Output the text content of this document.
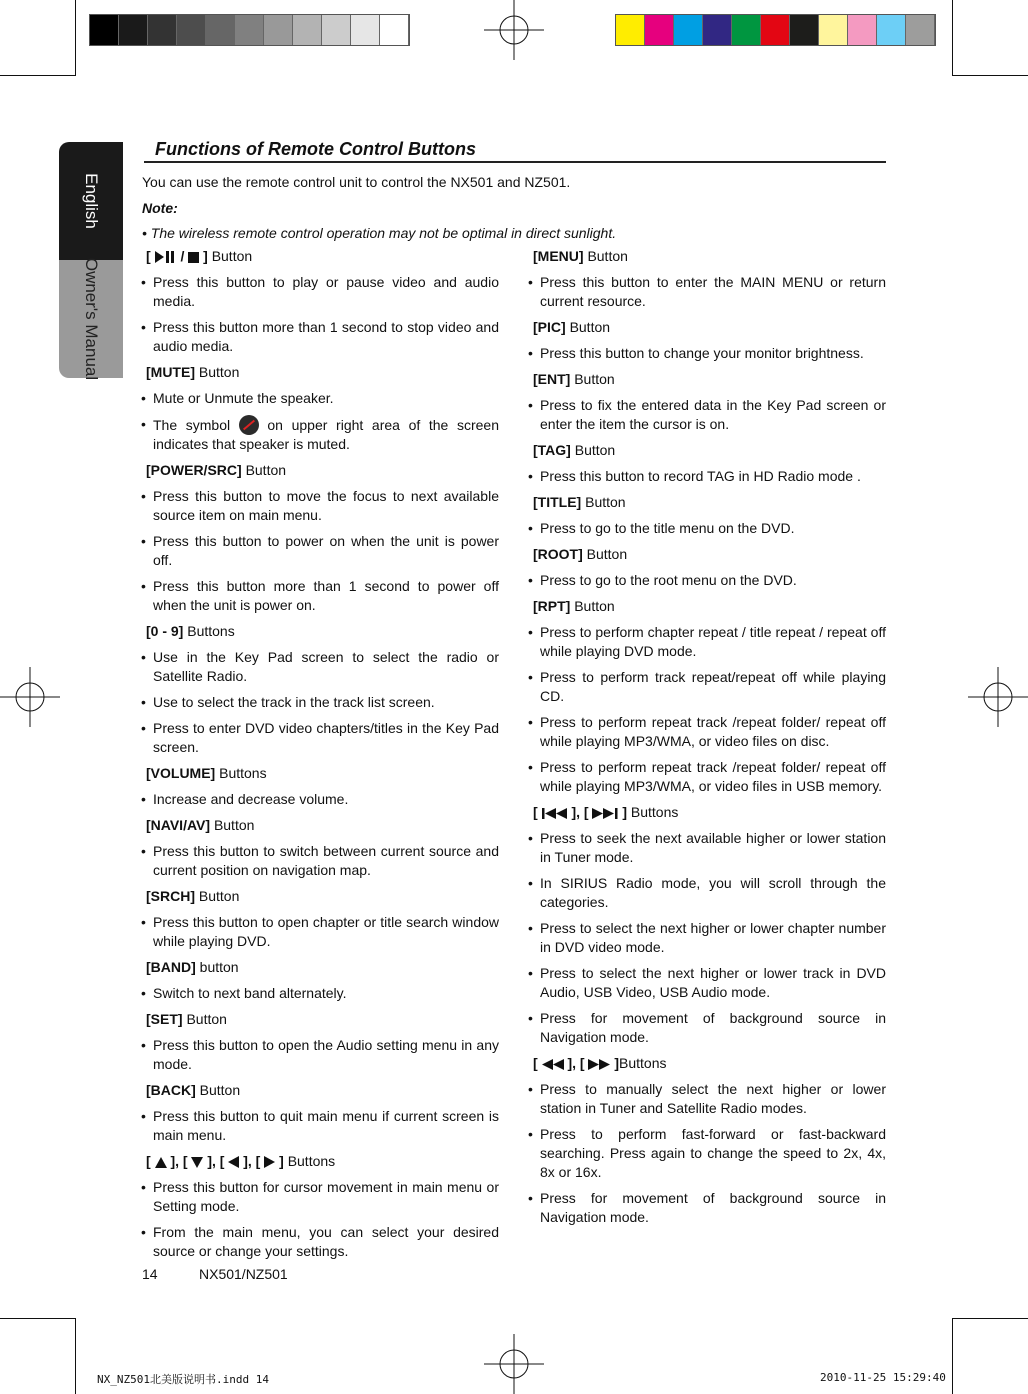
English
Owner's Manual
Functions of Remote Control Buttons
You can use the remote control unit to control the NX501 and NZ501.
Note:
• The wireless remote control operation may not be optimal in direct sunlight.
[  /  ] Button
• Press this button to play or pause video and audio media.
• Press this button more than 1 second to stop video and audio media.
[MUTE] Button
• Mute or Unmute the speaker.
• The symbol	on upper right area of the screen indicates that speaker is muted.
[POWER/SRC] Button
• Press this button to move the focus to next available source item on main menu.
• Press this button to power on when the unit is power off.
• Press this button more than 1 second to power off when the unit is power on.
[0 - 9] Buttons
• Use in the Key Pad screen to select the radio or Satellite Radio.
• Use to select the track in the track list screen.
• Press to enter DVD video chapters/titles in the Key Pad screen.
[VOLUME] Buttons
• Increase and decrease volume.
[NAVI/AV] Button
• Press this button to switch between current source and current position on navigation map.
[SRCH] Button
• Press this button to open chapter or title search window while playing DVD.
[BAND] button
• Switch to next band alternately.
[SET] Button
• Press this button to open the Audio setting menu in any mode.
[BACK] Button
• Press this button to quit main menu if current screen is main menu.
[  ], [  ], [  ], [  ] Buttons
• Press this button for cursor movement in main menu or Setting mode.
• From the main menu, you can select your desired source or change your settings.
[MENU] Button
• Press this button to enter the MAIN MENU or return current resource.
[PIC] Button
• Press this button to change your monitor brightness.
[ENT] Button
• Press to fix the entered data in the Key Pad screen or enter the item the cursor is on.
[TAG] Button
• Press this button to record TAG in HD Radio mode .
[TITLE] Button
• Press to go to the title menu on the DVD.
[ROOT] Button
• Press to go to the root menu on the DVD.
[RPT] Button
• Press to perform chapter repeat / title repeat / repeat off while playing DVD mode.
• Press to perform track repeat/repeat off while playing CD.
• Press to perform repeat track /repeat folder/ repeat off while playing MP3/WMA, or video files on disc.
• Press to perform repeat track /repeat folder/ repeat off while playing MP3/WMA, or video files in USB memory.
[  ], [  ] Buttons
• Press to seek the next available higher or lower station in Tuner mode.
• In SIRIUS Radio mode, you will scroll through the categories.
• Press to select the next higher or lower chapter number in DVD video mode.
• Press to select the next higher or lower track in DVD Audio, USB Video, USB Audio mode.
• Press for movement of background source in Navigation mode.
[  ], [  ]Buttons
• Press to manually select the next higher or lower station in Tuner and Satellite Radio modes.
• Press to perform fast-forward or fast-backward searching. Press again to change the speed to 2x, 4x, 8x or 16x.
• Press for movement of background source in Navigation mode.
14	NX501/NZ501
NX_NZ501北美版说明书.indd 14	2010-11-25 15:29:40
